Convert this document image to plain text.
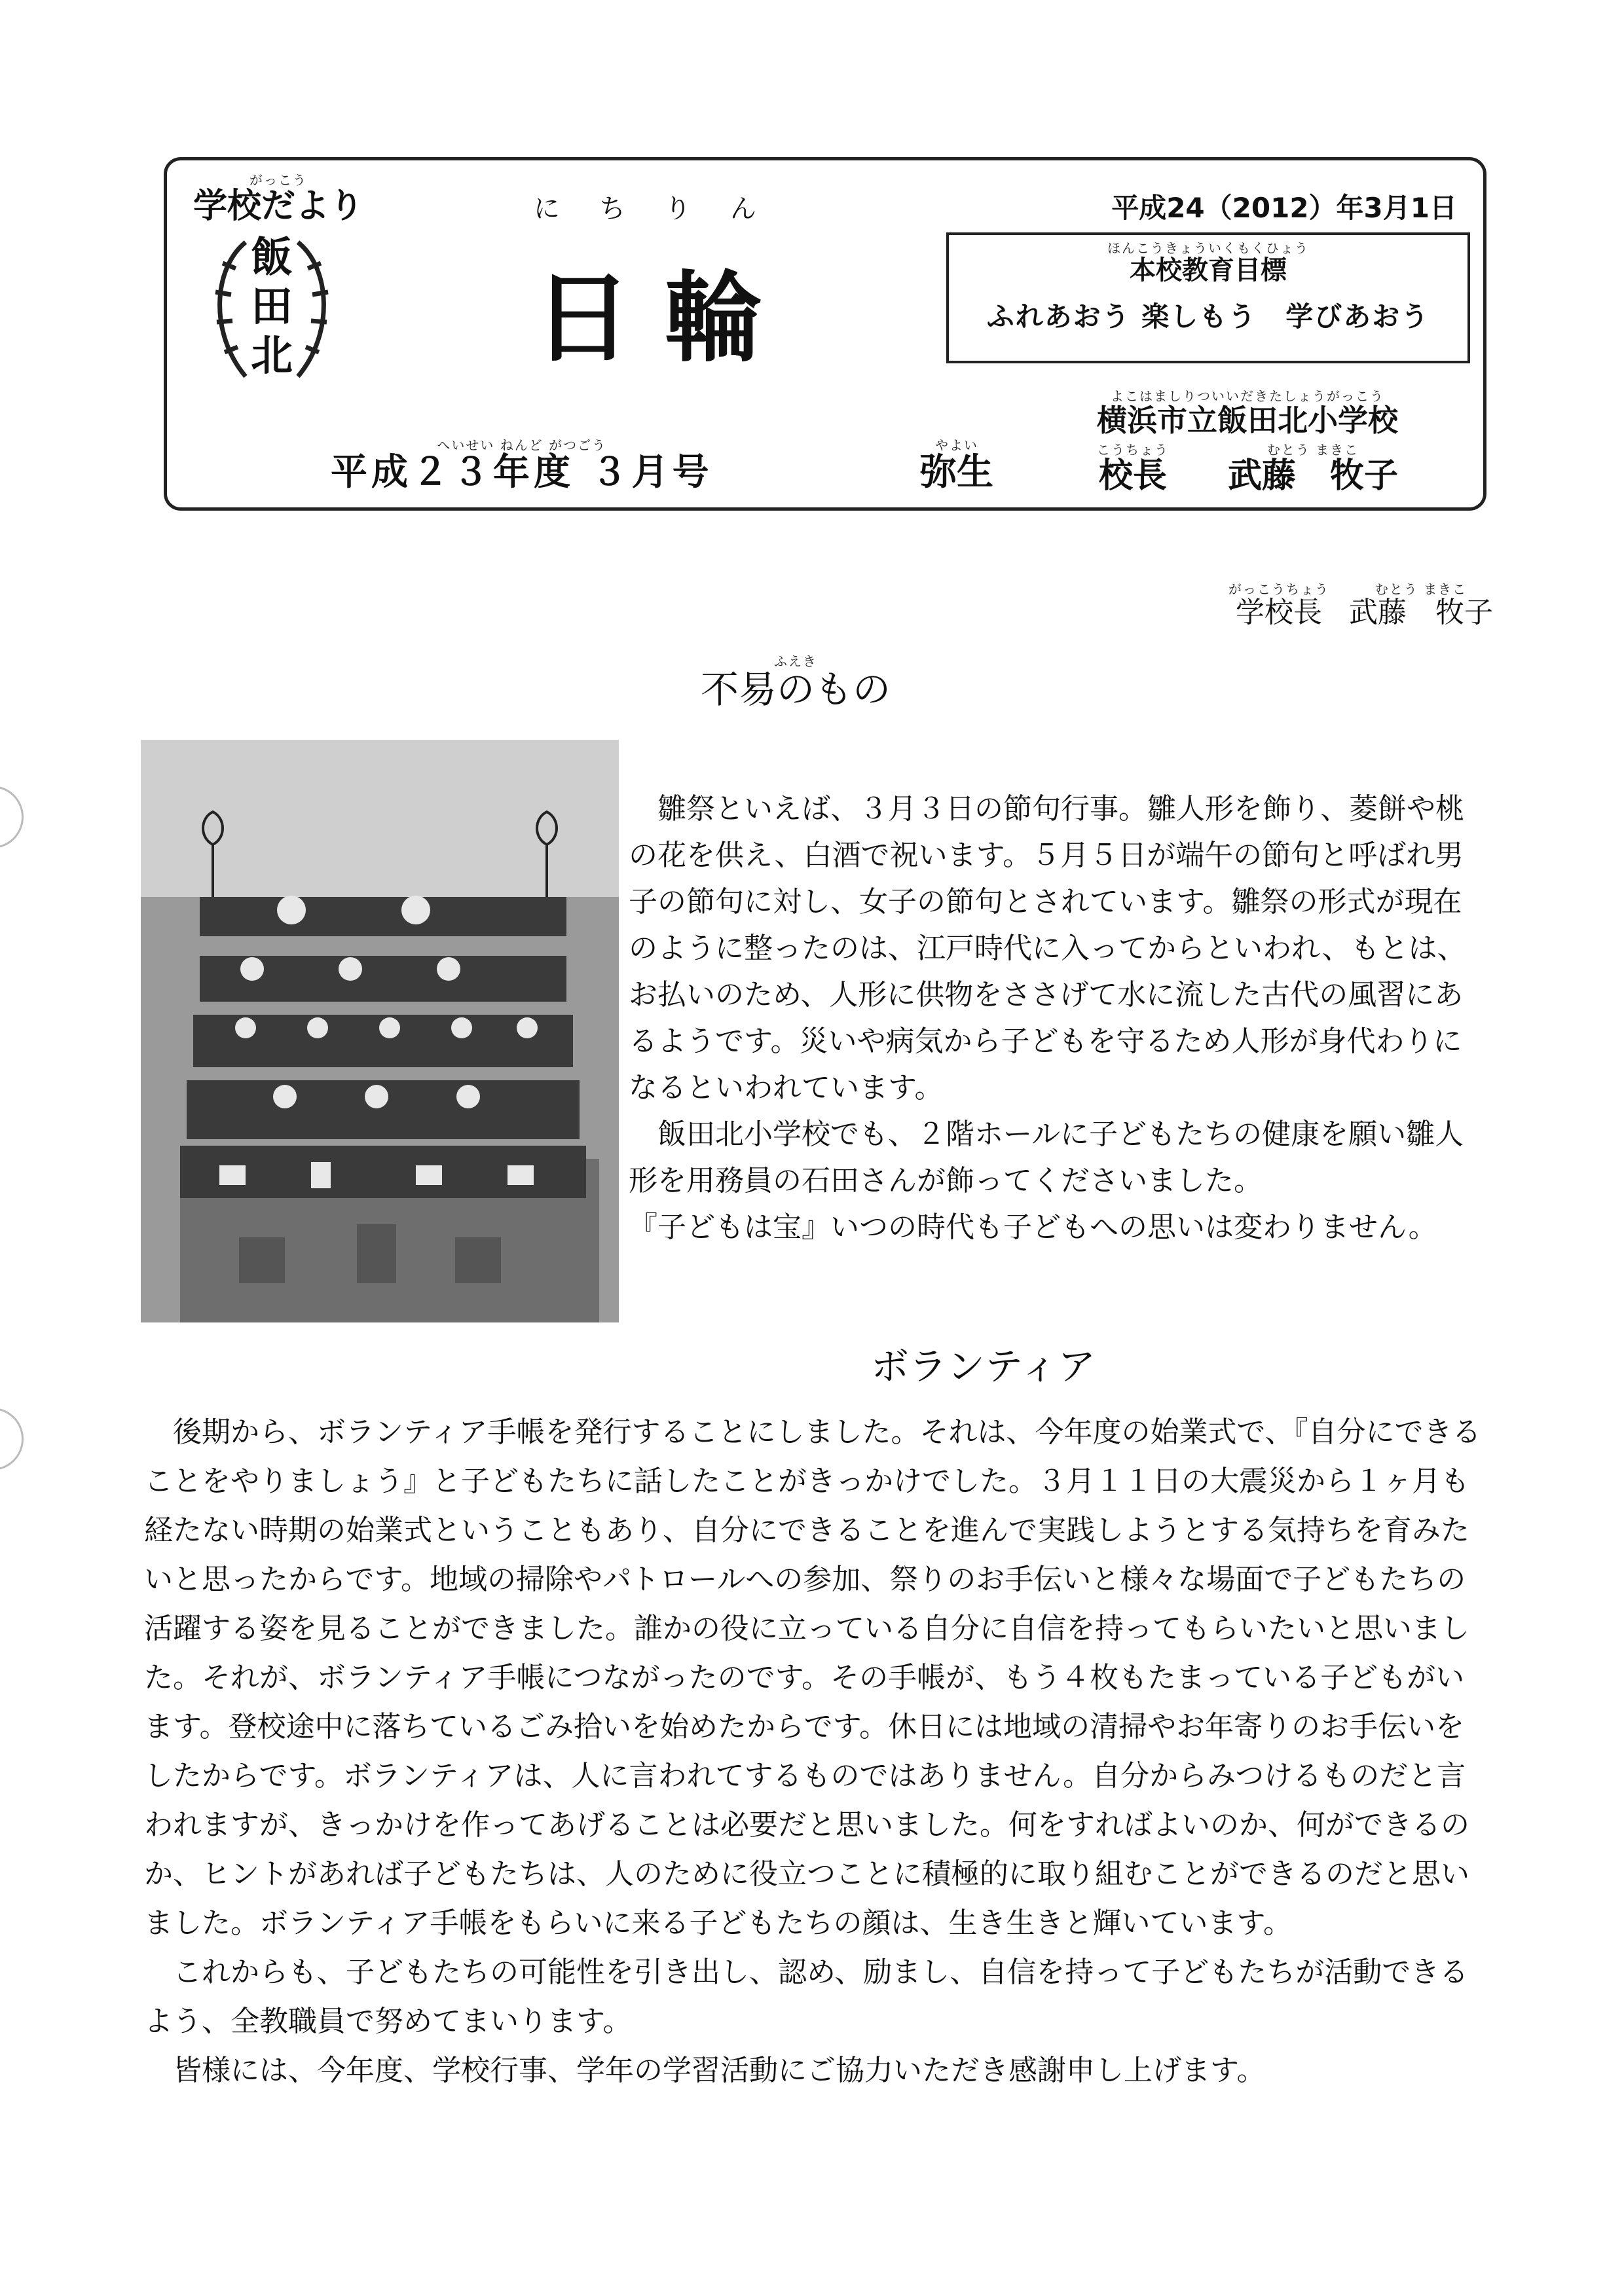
がっこう
学校だより
飯田北
にちりん
日輪
平成24（2012）年3月1日
ほんこうきょういくもくひょう
本校教育目標
ふれあおう 楽しもう　学びあおう
よこはましりついいだきたしょうがっこう
横浜市立飯田北小学校
へいせい ねんど がつごう
平成２３年度 ３月号
やよい
弥生
こうちょう
校長
むとう まきこ
武藤　牧子
がっこうちょう
学校長
むとう まきこ
武藤　牧子
ふえき
不易のもの

雛祭といえば、３月３日の節句行事。雛人形を飾り、菱餅や桃の花を供え、白酒で祝います。５月５日が端午の節句と呼ばれ男子の節句に対し、女子の節句とされています。雛祭の形式が現在のように整ったのは、江戸時代に入ってからといわれ、もとは、お払いのため、人形に供物をささげて水に流した古代の風習にあるようです。災いや病気から子どもを守るため人形が身代わりになるといわれています。

飯田北小学校でも、２階ホールに子どもたちの健康を願い雛人形を用務員の石田さんが飾ってくださいました。

『子どもは宝』いつの時代も子どもへの思いは変わりません。

ボランティア

後期から、ボランティア手帳を発行することにしました。それは、今年度の始業式で、『自分にできることをやりましょう』と子どもたちに話したことがきっかけでした。３月１１日の大震災から１ヶ月も経たない時期の始業式ということもあり、自分にできることを進んで実践しようとする気持ちを育みたいと思ったからです。地域の掃除やパトロールへの参加、祭りのお手伝いと様々な場面で子どもたちの活躍する姿を見ることができました。誰かの役に立っている自分に自信を持ってもらいたいと思いました。それが、ボランティア手帳につながったのです。その手帳が、もう４枚もたまっている子どもがいます。登校途中に落ちているごみ拾いを始めたからです。休日には地域の清掃やお年寄りのお手伝いをしたからです。ボランティアは、人に言われてするものではありません。自分からみつけるものだと言われますが、きっかけを作ってあげることは必要だと思いました。何をすればよいのか、何ができるのか、ヒントがあれば子どもたちは、人のために役立つことに積極的に取り組むことができるのだと思いました。ボランティア手帳をもらいに来る子どもたちの顔は、生き生きと輝いています。

これからも、子どもたちの可能性を引き出し、認め、励まし、自信を持って子どもたちが活動できるよう、全教職員で努めてまいります。

皆様には、今年度、学校行事、学年の学習活動にご協力いただき感謝申し上げます。
